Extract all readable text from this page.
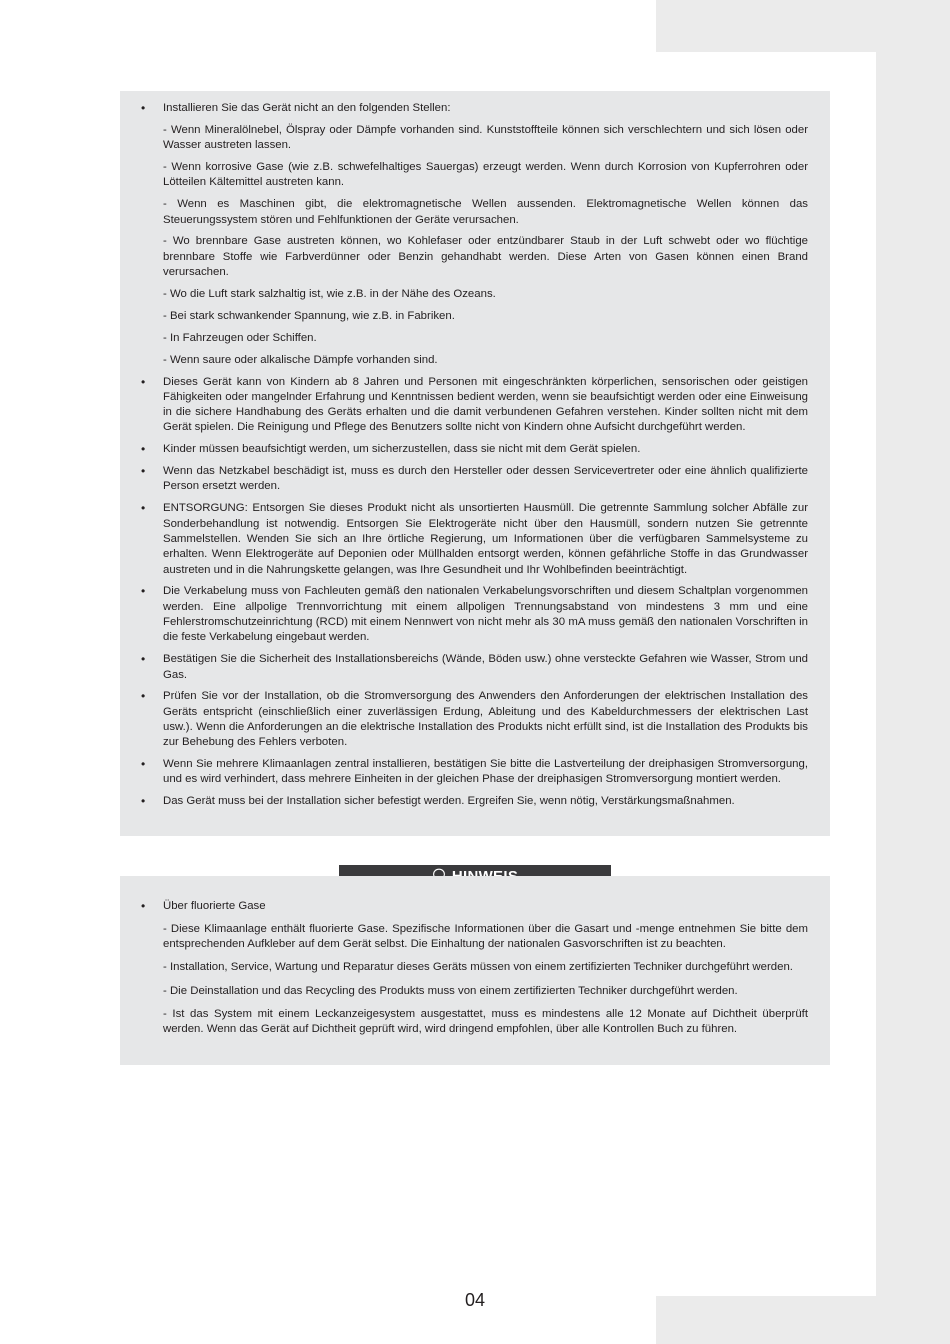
• Installieren Sie das Gerät nicht an den folgenden Stellen:
- Wenn Mineralölnebel, Ölspray oder Dämpfe vorhanden sind. Kunststoffteile können sich verschlechtern und sich lösen oder Wasser austreten lassen.
- Wenn korrosive Gase (wie z.B. schwefelhaltiges Sauergas) erzeugt werden. Wenn durch Korrosion von Kupferrohren oder Lötteilen Kältemittel austreten kann.
- Wenn es Maschinen gibt, die elektromagnetische Wellen aussenden. Elektromagnetische Wellen können das Steuerungssystem stören und Fehlfunktionen der Geräte verursachen.
- Wo brennbare Gase austreten können, wo Kohlefaser oder entzündbarer Staub in der Luft schwebt oder wo flüchtige brennbare Stoffe wie Farbverdünner oder Benzin gehandhabt werden. Diese Arten von Gasen können einen Brand verursachen.
- Wo die Luft stark salzhaltig ist, wie z.B. in der Nähe des Ozeans.
- Bei stark schwankender Spannung, wie z.B. in Fabriken.
- In Fahrzeugen oder Schiffen.
- Wenn saure oder alkalische Dämpfe vorhanden sind.
• Dieses Gerät kann von Kindern ab 8 Jahren und Personen mit eingeschränkten körperlichen, sensorischen oder geistigen Fähigkeiten oder mangelnder Erfahrung und Kenntnissen bedient werden, wenn sie beaufsichtigt werden oder eine Einweisung in die sichere Handhabung des Geräts erhalten und die damit verbundenen Gefahren verstehen. Kinder sollten nicht mit dem Gerät spielen. Die Reinigung und Pflege des Benutzers sollte nicht von Kindern ohne Aufsicht durchgeführt werden.
• Kinder müssen beaufsichtigt werden, um sicherzustellen, dass sie nicht mit dem Gerät spielen.
• Wenn das Netzkabel beschädigt ist, muss es durch den Hersteller oder dessen Servicevertreter oder eine ähnlich qualifizierte Person ersetzt werden.
• ENTSORGUNG: Entsorgen Sie dieses Produkt nicht als unsortierten Hausmüll. Die getrennte Sammlung solcher Abfälle zur Sonderbehandlung ist notwendig. Entsorgen Sie Elektrogeräte nicht über den Hausmüll, sondern nutzen Sie getrennte Sammelstellen. Wenden Sie sich an Ihre örtliche Regierung, um Informationen über die verfügbaren Sammelsysteme zu erhalten. Wenn Elektrogeräte auf Deponien oder Müllhalden entsorgt werden, können gefährliche Stoffe in das Grundwasser austreten und in die Nahrungskette gelangen, was Ihre Gesundheit und Ihr Wohlbefinden beeinträchtigt.
• Die Verkabelung muss von Fachleuten gemäß den nationalen Verkabelungsvorschriften und diesem Schaltplan vorgenommen werden. Eine allpolige Trennvorrichtung mit einem allpoligen Trennungsabstand von mindestens 3 mm und eine Fehlerstromschutzeinrichtung (RCD) mit einem Nennwert von nicht mehr als 30 mA muss gemäß den nationalen Vorschriften in die feste Verkabelung eingebaut werden.
• Bestätigen Sie die Sicherheit des Installationsbereichs (Wände, Böden usw.) ohne versteckte Gefahren wie Wasser, Strom und Gas.
• Prüfen Sie vor der Installation, ob die Stromversorgung des Anwenders den Anforderungen der elektrischen Installation des Geräts entspricht (einschließlich einer zuverlässigen Erdung, Ableitung und des Kabeldurchmessers der elektrischen Last usw.). Wenn die Anforderungen an die elektrische Installation des Produkts nicht erfüllt sind, ist die Installation des Produkts bis zur Behebung des Fehlers verboten.
• Wenn Sie mehrere Klimaanlagen zentral installieren, bestätigen Sie bitte die Lastverteilung der dreiphasigen Stromversorgung, und es wird verhindert, dass mehrere Einheiten in der gleichen Phase der dreiphasigen Stromversorgung montiert werden.
• Das Gerät muss bei der Installation sicher befestigt werden. Ergreifen Sie, wenn nötig, Verstärkungsmaßnahmen.
• Über fluorierte Gase
- Diese Klimaanlage enthält fluorierte Gase. Spezifische Informationen über die Gasart und -menge entnehmen Sie bitte dem entsprechenden Aufkleber auf dem Gerät selbst. Die Einhaltung der nationalen Gasvorschriften ist zu beachten.
- Installation, Service, Wartung und Reparatur dieses Geräts müssen von einem zertifizierten Techniker durchgeführt werden.
- Die Deinstallation und das Recycling des Produkts muss von einem zertifizierten Techniker durchgeführt werden.
- Ist das System mit einem Leckanzeigesystem ausgestattet, muss es mindestens alle 12 Monate auf Dichtheit überprüft werden. Wenn das Gerät auf Dichtheit geprüft wird, wird dringend empfohlen, über alle Kontrollen Buch zu führen.
04
